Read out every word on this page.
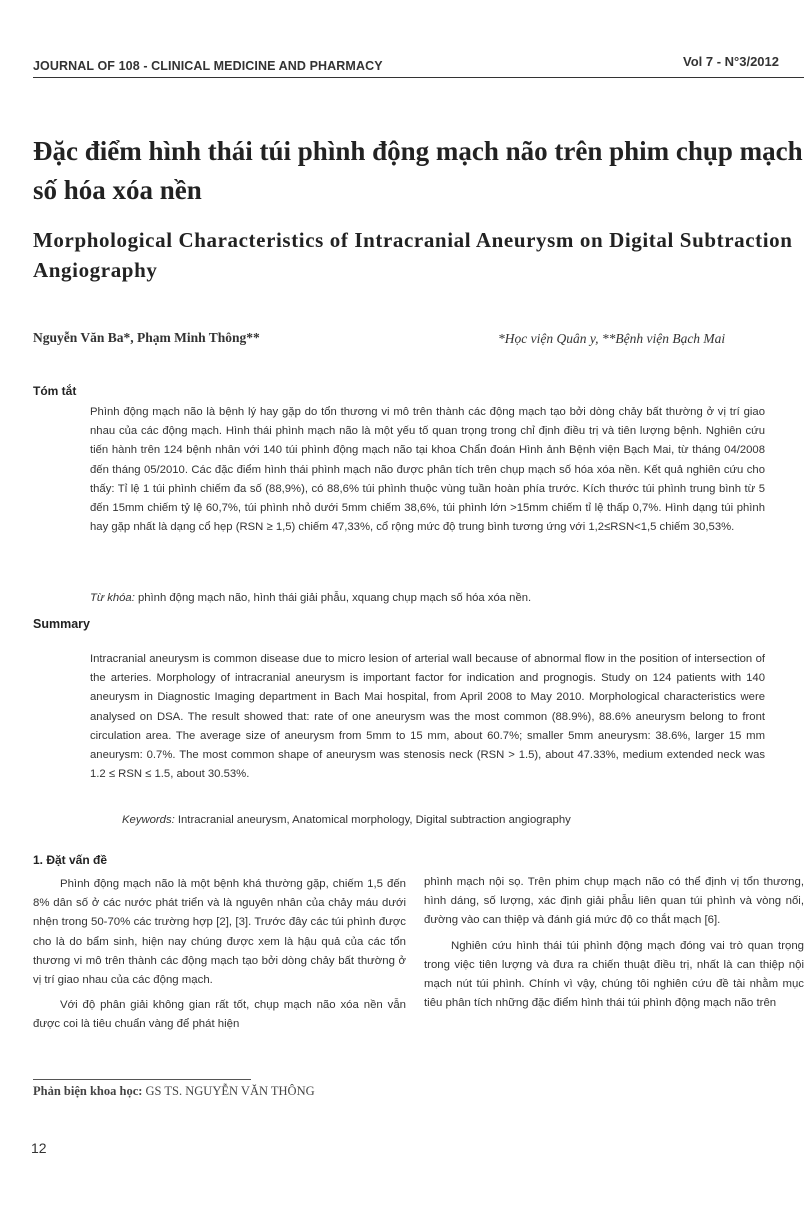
JOURNAL OF 108 - CLINICAL MEDICINE AND PHARMACY	Vol 7 - N°3/2012
Đặc điểm hình thái túi phình động mạch não trên phim chụp mạch số hóa xóa nền
Morphological Characteristics of Intracranial Aneurysm on Digital Subtraction Angiography
Nguyễn Văn Ba*, Phạm Minh Thông**	*Học viện Quân y, **Bệnh viện Bạch Mai
Tóm tắt
Phình động mạch não là bệnh lý hay gặp do tổn thương vi mô trên thành các động mạch tạo bởi dòng chảy bất thường ở vị trí giao nhau của các động mạch. Hình thái phình mạch não là một yếu tố quan trọng trong chỉ định điều trị và tiên lượng bệnh. Nghiên cứu tiến hành trên 124 bệnh nhân với 140 túi phình động mạch não tại khoa Chẩn đoán Hình ảnh Bệnh viện Bạch Mai, từ tháng 04/2008 đến tháng 05/2010. Các đặc điểm hình thái phình mạch não được phân tích trên chụp mạch số hóa xóa nền. Kết quả nghiên cứu cho thấy: Tỉ lệ 1 túi phình chiếm đa số (88,9%), có 88,6% túi phình thuộc vùng tuần hoàn phía trước. Kích thước túi phình trung bình từ 5 đến 15mm chiếm tỷ lệ 60,7%, túi phình nhỏ dưới 5mm chiếm 38,6%, túi phình lớn >15mm chiếm tỉ lệ thấp 0,7%. Hình dạng túi phình hay gặp nhất là dạng cổ hẹp (RSN ≥ 1,5) chiếm 47,33%, cổ rộng mức độ trung bình tương ứng với 1,2≤RSN<1,5 chiếm 30,53%.
Từ khóa: phình động mạch não, hình thái giải phẫu, xquang chụp mạch số hóa xóa nền.
Summary
Intracranial aneurysm is common disease due to micro lesion of arterial wall because of abnormal flow in the position of intersection of the arteries. Morphology of intracranial aneurysm is important factor for indication and prognogis. Study on 124 patients with 140 aneurysm in Diagnostic Imaging department in Bach Mai hospital, from April 2008 to May 2010. Morphological characteristics were analysed on DSA. The result showed that: rate of one aneurysm was the most common (88.9%), 88.6% aneurysm belong to front circulation area. The average size of aneurysm from 5mm to 15 mm, about 60.7%; smaller 5mm aneurysm: 38.6%, larger 15 mm aneurysm: 0.7%. The most common shape of aneurysm was stenosis neck (RSN > 1.5), about 47.33%, medium extended neck was 1.2 ≤ RSN ≤ 1.5, about 30.53%.
Keywords: Intracranial aneurysm, Anatomical morphology, Digital subtraction angiography
1. Đặt vấn đề

Phình động mạch não là một bệnh khá thường gặp, chiếm 1,5 đến 8% dân số ở các nước phát triển và là nguyên nhân của chảy máu dưới nhện trong 50-70% các trường hợp [2], [3]. Trước đây các túi phình được cho là do bẩm sinh, hiện nay chúng được xem là hậu quả của các tổn thương vi mô trên thành các động mạch tạo bởi dòng chảy bất thường ở vị trí giao nhau của các động mạch.

Với độ phân giải không gian rất tốt, chụp mạch não xóa nền vẫn được coi là tiêu chuẩn vàng để phát hiện

phình mạch nội sọ. Trên phim chụp mạch não có thể định vị tổn thương, hình dáng, số lượng, xác định giải phẫu liên quan túi phình và vòng nối, đường vào can thiệp và đánh giá mức độ co thắt mạch [6].

Nghiên cứu hình thái túi phình động mạch đóng vai trò quan trọng trong việc tiên lượng và đưa ra chiến thuật điều trị, nhất là can thiệp nội mạch nút túi phình. Chính vì vậy, chúng tôi nghiên cứu đề tài nhằm mục tiêu phân tích những đặc điểm hình thái túi phình động mạch não trên

Phản biện khoa học: GS TS. NGUYỄN VĂN THÔNG
12
